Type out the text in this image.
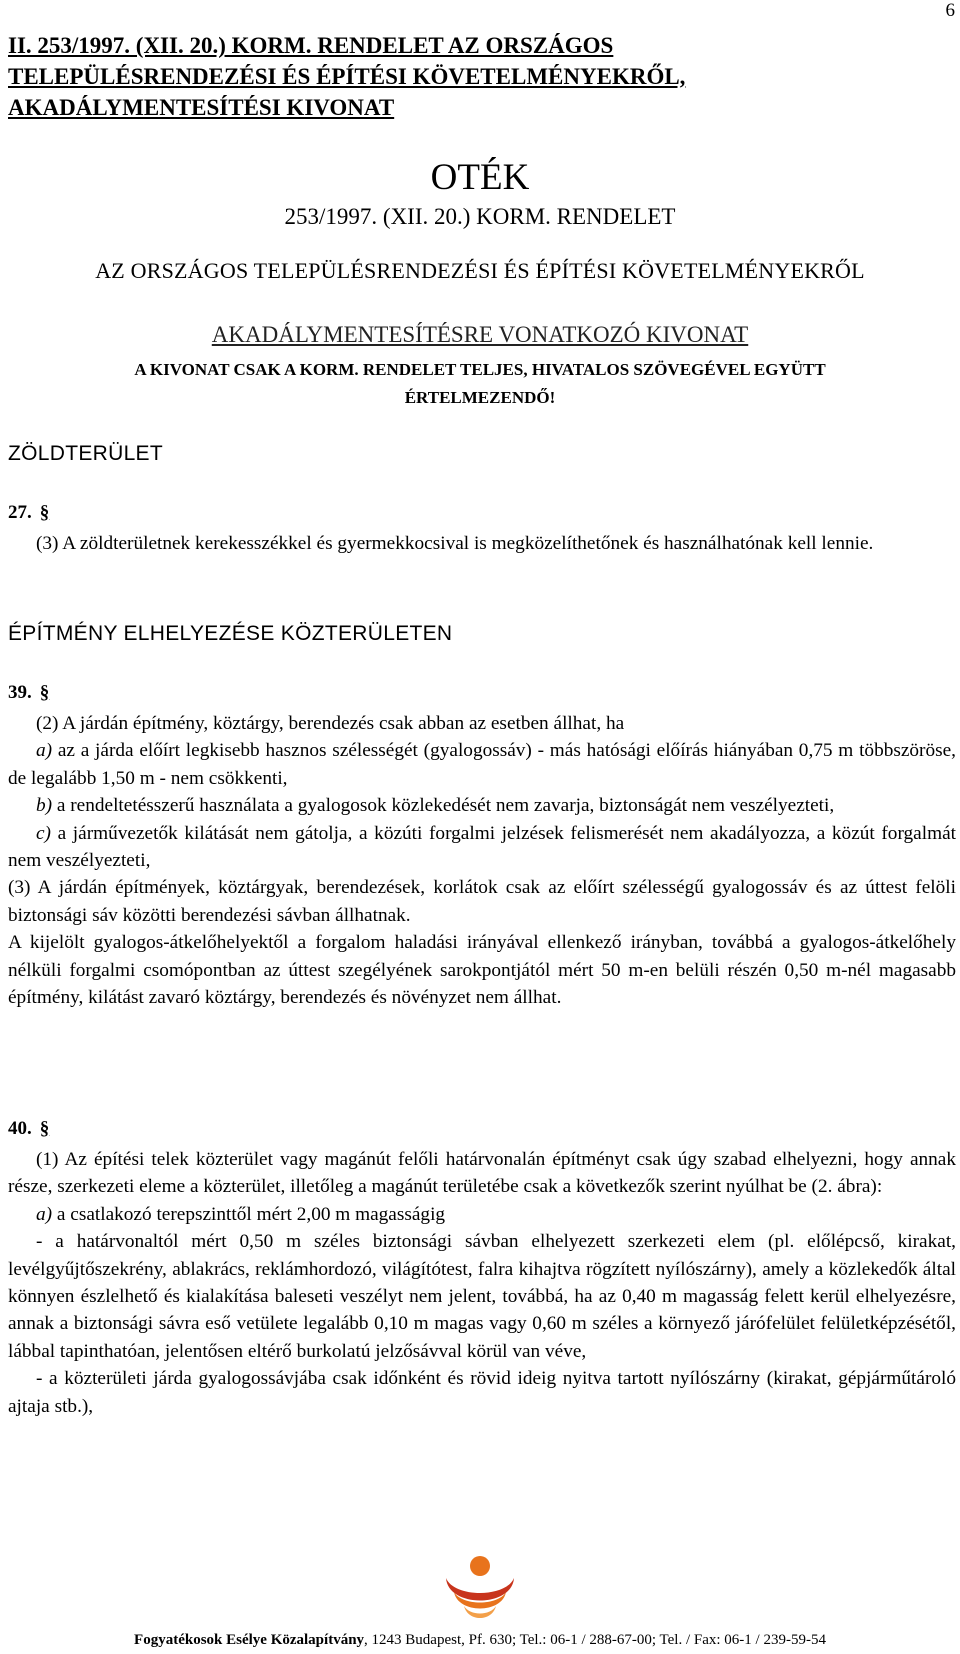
6
II. 253/1997. (XII. 20.) KORM. RENDELET AZ ORSZÁGOS
TELEPÜLÉSRENDEZÉSI ÉS ÉPÍTÉSI KÖVETELMÉNYEKRŐL,
AKADÁLYMENTESÍTÉSI KIVONAT
OTÉK
253/1997. (XII. 20.) KORM. RENDELET
AZ ORSZÁGOS TELEPÜLÉSRENDEZÉSI ÉS ÉPÍTÉSI KÖVETELMÉNYEKRŐL
AKADÁLYMENTESÍTÉSRE VONATKOZÓ KIVONAT
A KIVONAT CSAK A KORM. RENDELET TELJES, HIVATALOS SZÖVEGÉVEL EGYÜTT
ÉRTELMEZENDŐ!
ZÖLDTERÜLET
27. §

(3) A zöldterületnek kerekesszékkel és gyermekkocsival is megközelíthetőnek és használhatónak kell lennie.

ÉPÍTMÉNY ELHELYEZÉSE KÖZTERÜLETEN
39. §

(2) A járdán építmény, köztárgy, berendezés csak abban az esetben állhat, ha

a) az a járda előírt legkisebb hasznos szélességét (gyalogossáv) - más hatósági előírás hiányában 0,75 m többszöröse, de legalább 1,50 m - nem csökkenti,

b) a rendeltetésszerű használata a gyalogosok közlekedését nem zavarja, biztonságát nem veszélyezteti,

c) a járművezetők kilátását nem gátolja, a közúti forgalmi jelzések felismerését nem akadályozza, a közút forgalmát nem veszélyezteti,

(3) A járdán építmények, köztárgyak, berendezések, korlátok csak az előírt szélességű gyalogossáv és az úttest felöli biztonsági sáv közötti berendezési sávban állhatnak.

A kijelölt gyalogos-átkelőhelyektől a forgalom haladási irányával ellenkező irányban, továbbá a gyalogos-átkelőhely nélküli forgalmi csomópontban az úttest szegélyének sarokpontjától mért 50 m-en belüli részén 0,50 m-nél magasabb építmény, kilátást zavaró köztárgy, berendezés és növényzet nem állhat.

40. §

(1) Az építési telek közterület vagy magánút felőli határvonalán építményt csak úgy szabad elhelyezni, hogy annak része, szerkezeti eleme a közterület, illetőleg a magánút területébe csak a következők szerint nyúlhat be (2. ábra):

a) a csatlakozó terepszinttől mért 2,00 m magasságig

- a határvonaltól mért 0,50 m széles biztonsági sávban elhelyezett szerkezeti elem (pl. előlépcső, kirakat, levélgyűjtőszekrény, ablakrács, reklámhordozó, világítótest, falra kihajtva rögzített nyílószárny), amely a közlekedők által könnyen észlelhető és kialakítása baleseti veszélyt nem jelent, továbbá, ha az 0,40 m magasság felett kerül elhelyezésre, annak a biztonsági sávra eső vetülete legalább 0,10 m magas vagy 0,60 m széles a környező járófelület felületképzésétől, lábbal tapinthatóan, jelentősen eltérő burkolatú jelzősávval körül van véve,

- a közterületi járda gyalogossávjába csak időnként és rövid ideig nyitva tartott nyílószárny (kirakat, gépjárműtároló ajtaja stb.),

Fogyatékosok Esélye Közalapítvány, 1243 Budapest, Pf. 630; Tel.: 06-1 / 288-67-00; Tel. / Fax: 06-1 / 239-59-54
